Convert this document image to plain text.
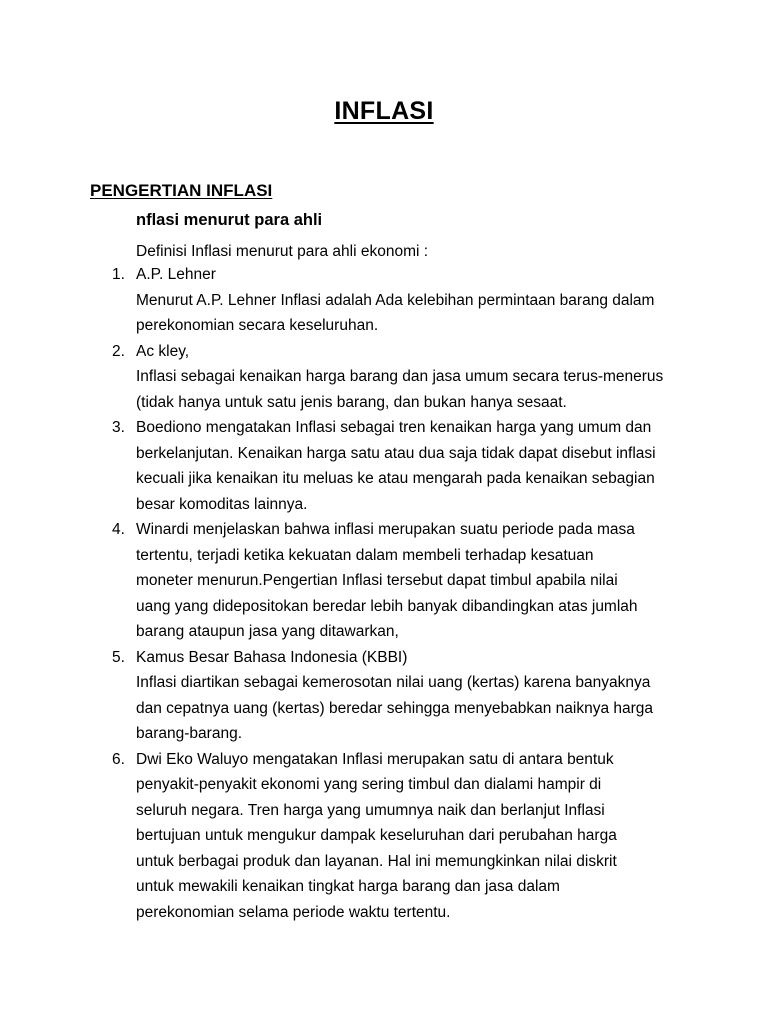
INFLASI
PENGERTIAN INFLASI
nflasi menurut para ahli

Definisi Inflasi menurut para ahli ekonomi :

1. A.P. Lehner
Menurut A.P. Lehner Inflasi adalah Ada kelebihan permintaan barang dalam
perekonomian secara keseluruhan.
2. Ac kley,
Inflasi sebagai kenaikan harga barang dan jasa umum secara terus-menerus
(tidak hanya untuk satu jenis barang, dan bukan hanya sesaat.
3. Boediono mengatakan Inflasi sebagai tren kenaikan harga yang umum dan
berkelanjutan. Kenaikan harga satu atau dua saja tidak dapat disebut inflasi
kecuali jika kenaikan itu meluas ke atau mengarah pada kenaikan sebagian
besar komoditas lainnya.
4. Winardi menjelaskan bahwa inflasi merupakan suatu periode pada masa
tertentu, terjadi ketika kekuatan dalam membeli terhadap kesatuan
moneter menurun.Pengertian Inflasi tersebut dapat timbul apabila nilai
uang yang didepositokan beredar lebih banyak dibandingkan atas jumlah
barang ataupun jasa yang ditawarkan,
5. Kamus Besar Bahasa Indonesia (KBBI)
Inflasi diartikan sebagai kemerosotan nilai uang (kertas) karena banyaknya
dan cepatnya uang (kertas) beredar sehingga menyebabkan naiknya harga
barang-barang.
6. Dwi Eko Waluyo mengatakan Inflasi merupakan satu di antara bentuk
penyakit-penyakit ekonomi yang sering timbul dan dialami hampir di
seluruh negara. Tren harga yang umumnya naik dan berlanjut Inflasi
bertujuan untuk mengukur dampak keseluruhan dari perubahan harga
untuk berbagai produk dan layanan. Hal ini memungkinkan nilai diskrit
untuk mewakili kenaikan tingkat harga barang dan jasa dalam
perekonomian selama periode waktu tertentu.
